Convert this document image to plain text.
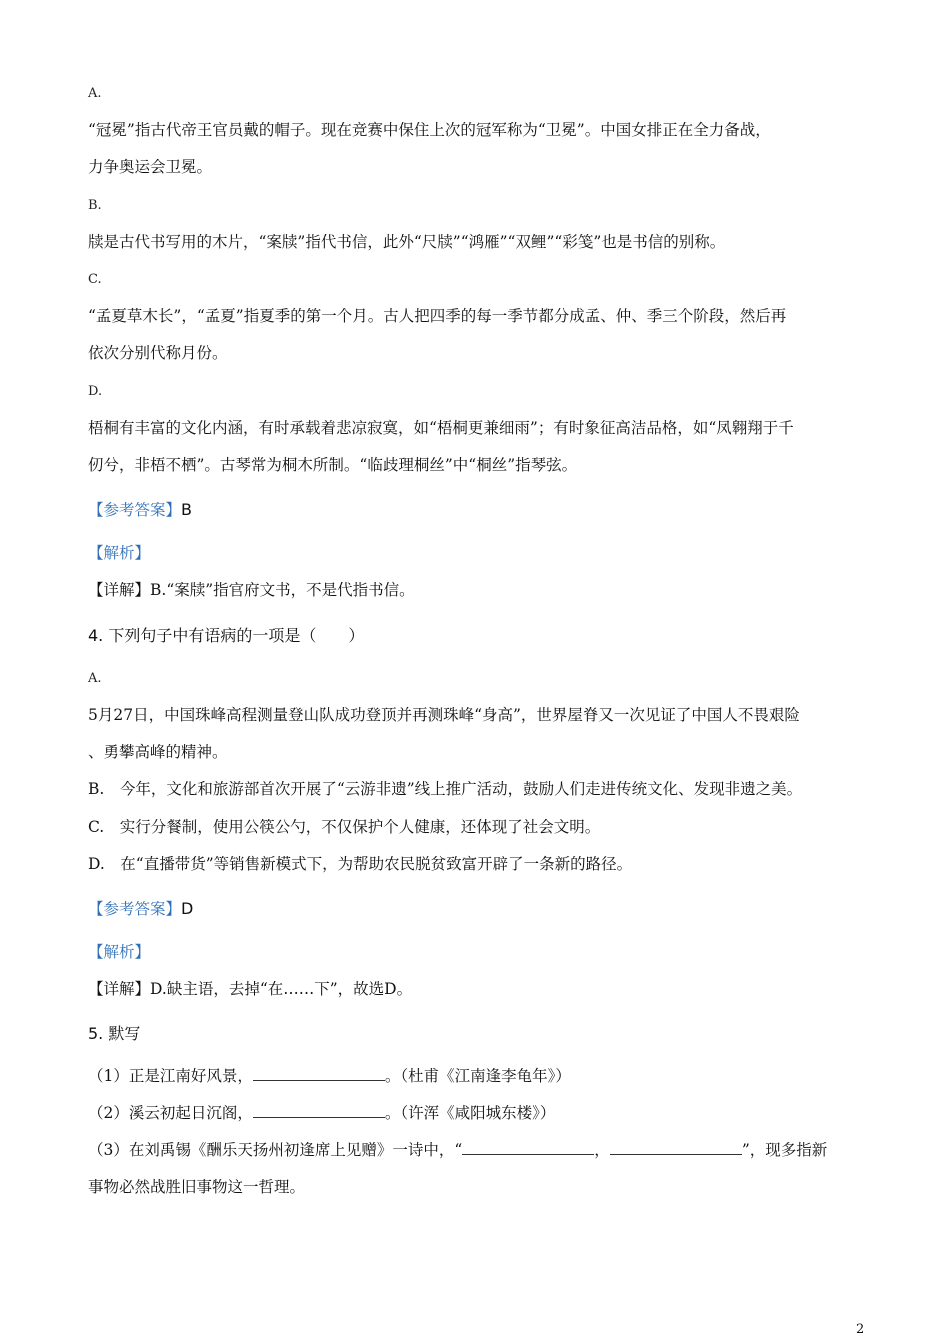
A.
“冠冕”指古代帝王官员戴的帽子。现在竞赛中保住上次的冠军称为“卫冕”。中国女排正在全力备战，
力争奥运会卫冕。
B.
牍是古代书写用的木片，“案牍”指代书信，此外“尺牍”“鸿雁”“双鲤”“彩笺”也是书信的别称。
C.
“孟夏草木长”，“孟夏”指夏季的第一个月。古人把四季的每一季节都分成孟、仲、季三个阶段，然后再
依次分别代称月份。
D.
梧桐有丰富的文化内涵，有时承载着悲凉寂寞，如“梧桐更兼细雨”；有时象征高洁品格，如“凤翱翔于千
仞兮，非梧不栖”。古琴常为桐木所制。“临歧理桐丝”中“桐丝”指琴弦。
【参考答案】B
【解析】
【详解】B.“案牍”指官府文书，不是代指书信。
4. 下列句子中有语病的一项是（　　）
A.
5月27日，中国珠峰高程测量登山队成功登顶并再测珠峰“身高”，世界屋脊又一次见证了中国人不畏艰险
、勇攀高峰的精神。
B.　今年，文化和旅游部首次开展了“云游非遗”线上推广活动，鼓励人们走进传统文化、发现非遗之美。
C.　实行分餐制，使用公筷公勺，不仅保护个人健康，还体现了社会文明。
D.　在“直播带货”等销售新模式下，为帮助农民脱贫致富开辟了一条新的路径。
【参考答案】D
【解析】
【详解】D.缺主语，去掉“在……下”，故选D。
5. 默写
（1）正是江南好风景，	。（杜甫《江南逢李龟年》）
（2）溪云初起日沉阁，	。（许浑《咸阳城东楼》）
（3）在刘禹锡《酬乐天扬州初逢席上见赠》一诗中，“	，	”，现多指新
事物必然战胜旧事物这一哲理。
2
